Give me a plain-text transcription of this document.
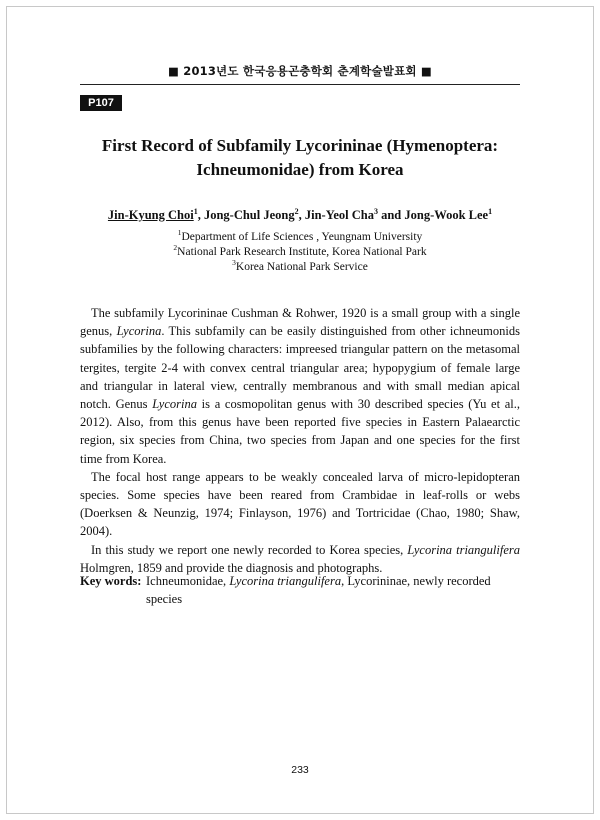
■ 2013년도 한국응용곤충학회 춘계학술발표회 ■
P107
First Record of Subfamily Lycorininae (Hymenoptera:
Ichneumonidae) from Korea
Jin-Kyung Choi$^1$, Jong-Chul Jeong$^2$, Jin-Yeol Cha$^3$ and Jong-Wook Lee$^1$
$^1$Department of Life Sciences , Yeungnam University
$^2$National Park Research Institute, Korea National Park
$^3$Korea National Park Service

The subfamily Lycorininae Cushman & Rohwer, 1920 is a small group with a single genus, Lycorina. This subfamily can be easily distinguished from other ichneumonids subfamilies by the following characters: impreesed triangular pattern on the metasomal tergites, tergite 2-4 with convex central triangular area; hypopygium of female large and triangular in lateral view, centrally membranous and with small median apical notch. Genus Lycorina is a cosmopolitan genus with 30 described species (Yu et al., 2012). Also, from this genus have been reported five species in Eastern Palaearctic region, six species from China, two species from Japan and one species for the first time from Korea.

The focal host range appears to be weakly concealed larva of micro-lepidopteran species. Some species have been reared from Crambidae in leaf-rolls or webs (Doerksen & Neunzig, 1974; Finlayson, 1976) and Tortricidae (Chao, 1980; Shaw, 2004).

In this study we report one newly recorded to Korea species, Lycorina triangulifera Holmgren, 1859 and provide the diagnosis and photographs.

Key words: Ichneumonidae, Lycorina triangulifera, Lycorininae, newly recorded species
233
